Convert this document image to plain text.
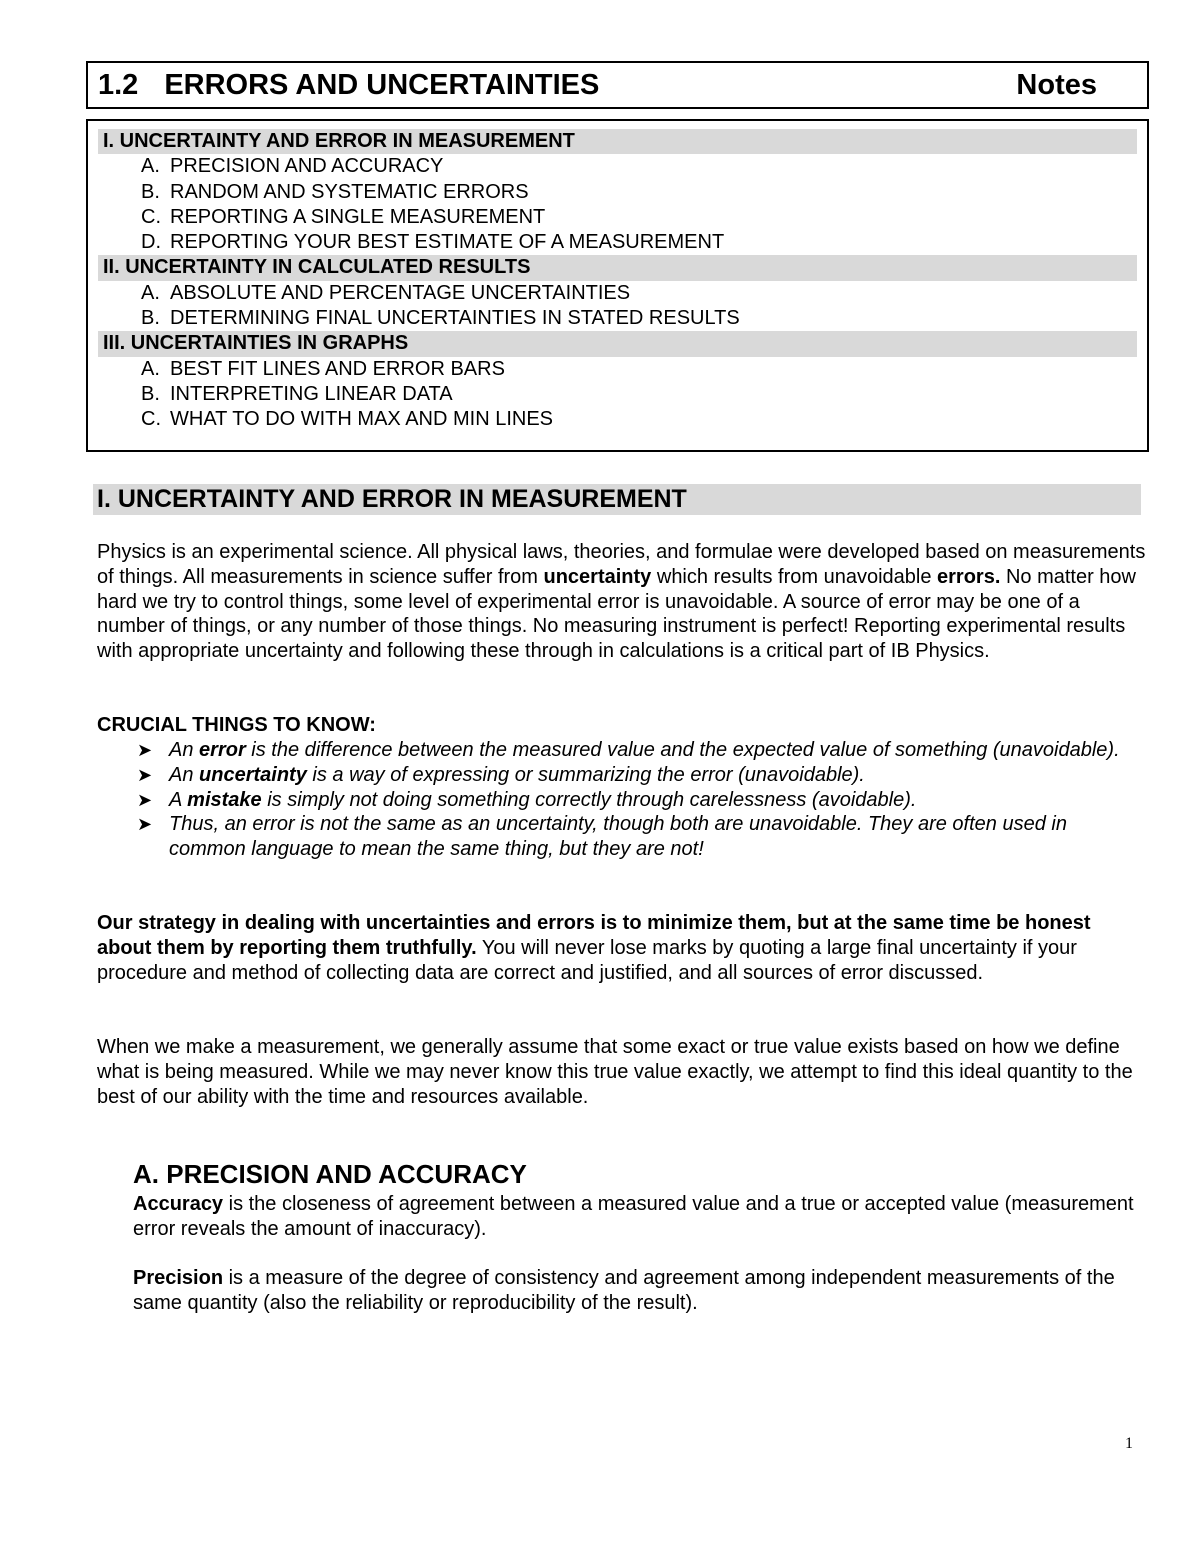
1.2 ERRORS AND UNCERTAINTIES	Notes
I. UNCERTAINTY AND ERROR IN MEASUREMENT
A. PRECISION AND ACCURACY
B. RANDOM AND SYSTEMATIC ERRORS
C. REPORTING A SINGLE MEASUREMENT
D. REPORTING YOUR BEST ESTIMATE OF A MEASUREMENT
II. UNCERTAINTY IN CALCULATED RESULTS
A. ABSOLUTE AND PERCENTAGE UNCERTAINTIES
B. DETERMINING FINAL UNCERTAINTIES IN STATED RESULTS
III. UNCERTAINTIES IN GRAPHS
A. BEST FIT LINES AND ERROR BARS
B. INTERPRETING LINEAR DATA
C. WHAT TO DO WITH MAX AND MIN LINES
I. UNCERTAINTY AND ERROR IN MEASUREMENT

Physics is an experimental science. All physical laws, theories, and formulae were developed based on measurements of things. All measurements in science suffer from uncertainty which results from unavoidable errors. No matter how hard we try to control things, some level of experimental error is unavoidable. A source of error may be one of a number of things, or any number of those things. No measuring instrument is perfect! Reporting experimental results with appropriate uncertainty and following these through in calculations is a critical part of IB Physics.

CRUCIAL THINGS TO KNOW:

➤ An error is the difference between the measured value and the expected value of something (unavoidable).
➤ An uncertainty is a way of expressing or summarizing the error (unavoidable).
➤ A mistake is simply not doing something correctly through carelessness (avoidable).
➤ Thus, an error is not the same as an uncertainty, though both are unavoidable. They are often used in common language to mean the same thing, but they are not!

Our strategy in dealing with uncertainties and errors is to minimize them, but at the same time be honest about them by reporting them truthfully. You will never lose marks by quoting a large final uncertainty if your procedure and method of collecting data are correct and justified, and all sources of error discussed.

When we make a measurement, we generally assume that some exact or true value exists based on how we define what is being measured. While we may never know this true value exactly, we attempt to find this ideal quantity to the best of our ability with the time and resources available.

A. PRECISION AND ACCURACY

Accuracy is the closeness of agreement between a measured value and a true or accepted value (measurement error reveals the amount of inaccuracy).

Precision is a measure of the degree of consistency and agreement among independent measurements of the same quantity (also the reliability or reproducibility of the result).

1
